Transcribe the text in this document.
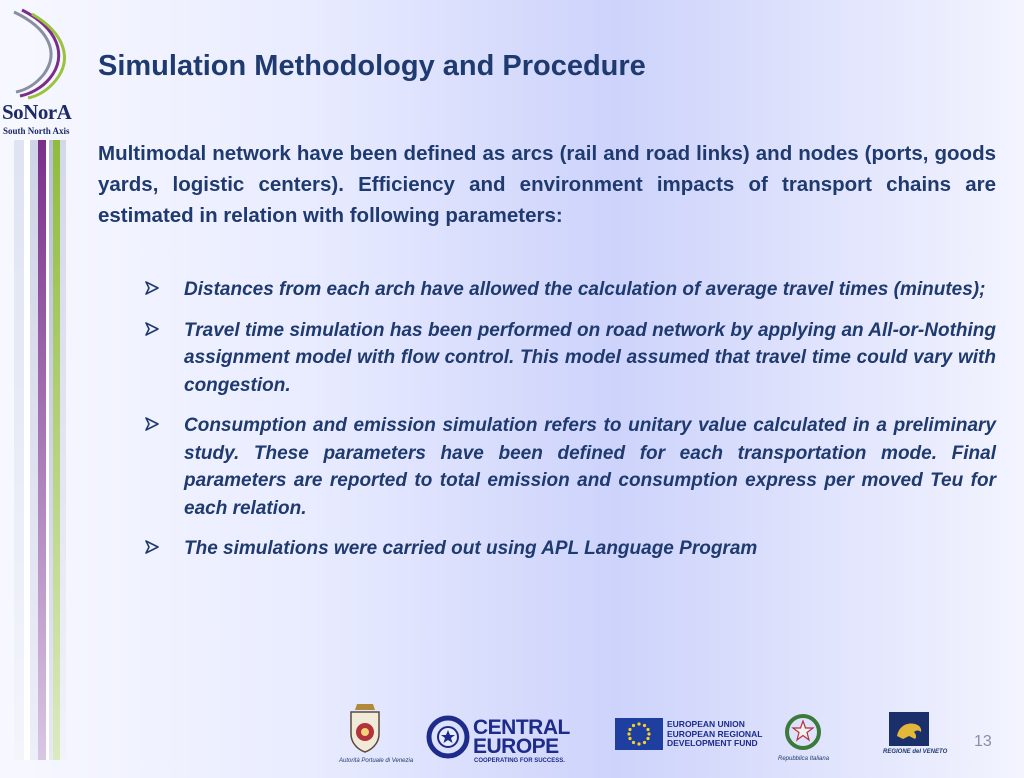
SoNorA
South North Axis
Simulation Methodology and Procedure

Multimodal network have been defined as arcs (rail and road links) and nodes (ports, goods yards, logistic centers). Efficiency and environment impacts of transport chains are estimated in relation with following parameters:

Distances from each arch have allowed the calculation of average travel times (minutes);
Travel time simulation has been performed on road network by applying an All-or-Nothing assignment model with flow control. This model assumed that travel time could vary with congestion.
Consumption and emission simulation refers to unitary value calculated in a preliminary study. These parameters have been defined for each transportation mode. Final parameters are reported to total emission and consumption express per moved Teu for each relation.
The simulations were carried out using APL Language Program
Autorità Portuale di Venezia
CENTRAL
EUROPE
COOPERATING FOR SUCCESS.
EUROPEAN UNION
EUROPEAN REGIONAL
DEVELOPMENT FUND
Repubblica Italiana
REGIONE del VENETO
13
